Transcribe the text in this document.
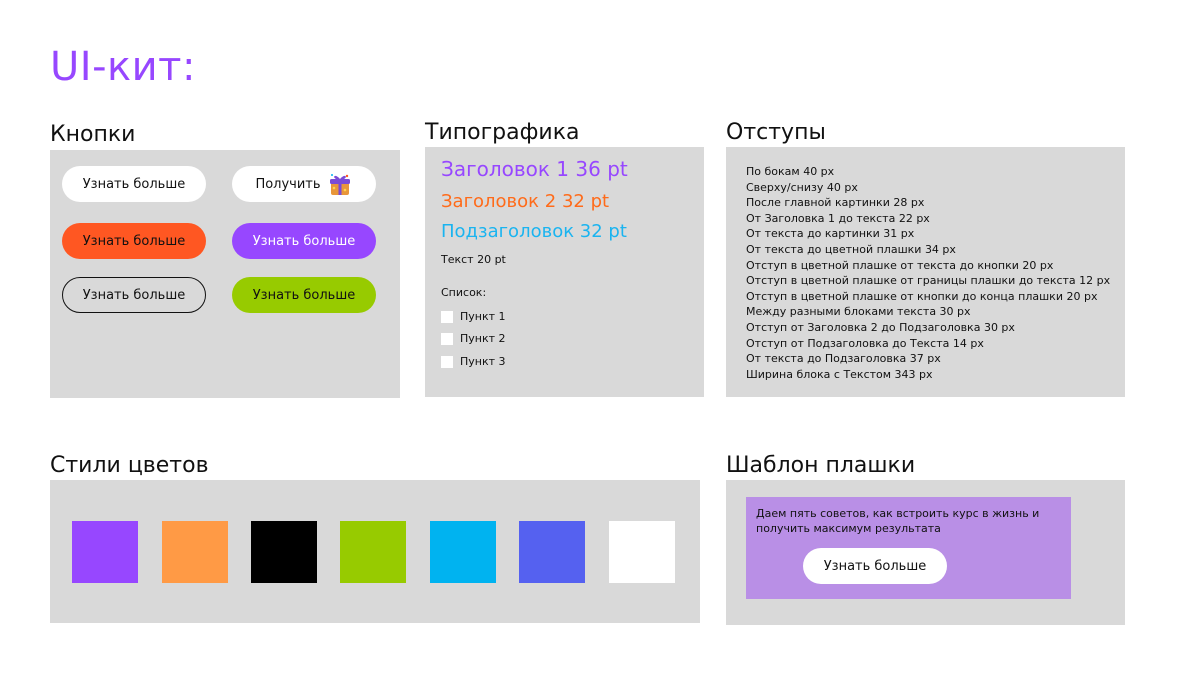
UI-кит:
Кнопки
Узнать больше	Получить
Узнать больше	Узнать больше
Узнать больше	Узнать больше
Типографика
Заголовок 1 36 pt
Заголовок 2 32 pt
Подзаголовок 32 pt
Текст 20 pt
Список:
Пункт 1
Пункт 2
Пункт 3
Отступы
По бокам 40 px
Сверху/снизу 40 px
После главной картинки 28 px
От Заголовка 1 до текста 22 px
От текста до картинки 31 px
От текста до цветной плашки 34 px
Отступ в цветной плашке от текста до кнопки 20 px
Отступ в цветной плашке от границы плашки до текста 12 px
Отступ в цветной плашке от кнопки до конца плашки 20 px
Между разными блоками текста 30 px
Отступ от Заголовка 2 до Подзаголовка 30 px
Отступ от Подзаголовка до Текста 14 px
От текста до Подзаголовка 37 px
Ширина блока с Текстом 343 px
Стили цветов	Шаблон плашки
Даем пять советов, как встроить курс в жизнь и получить максимум результата
Узнать больше
